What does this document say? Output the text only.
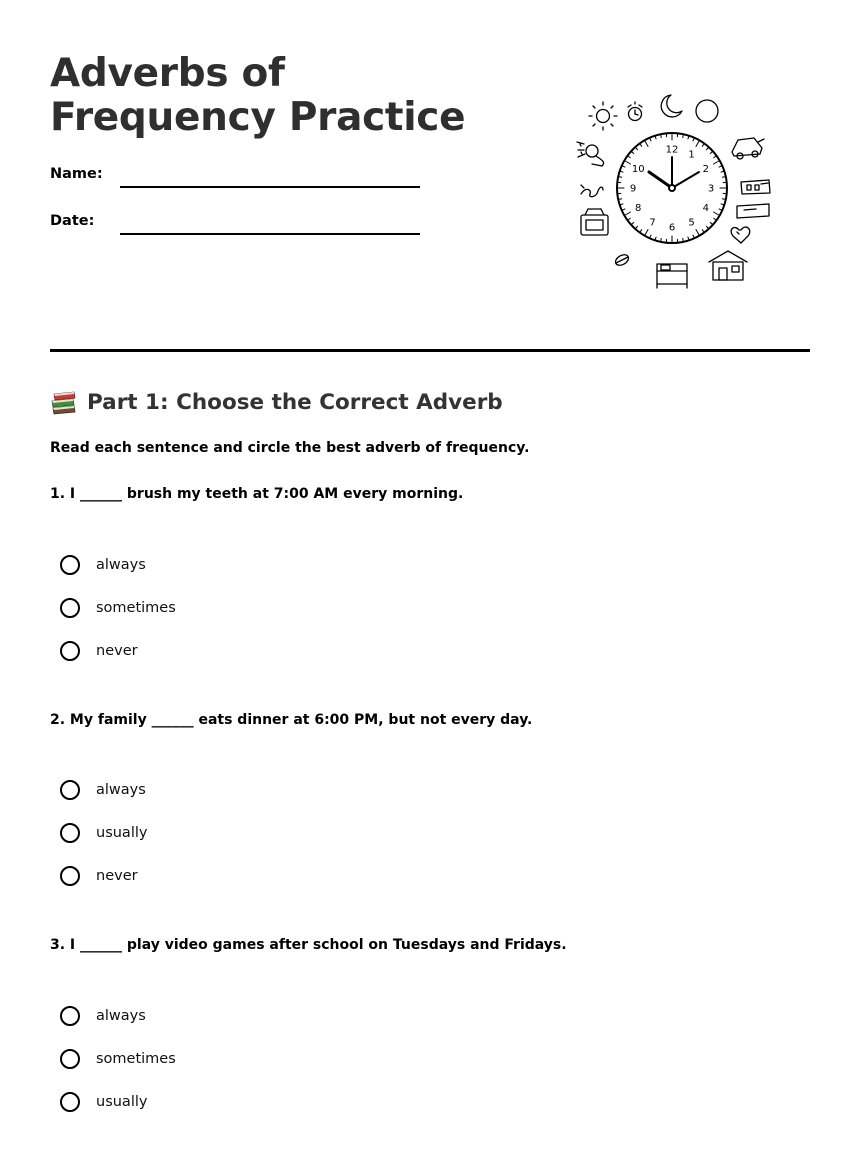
Adverbs of Frequency Practice
Name:
Date:
12 1
2
3
4
5
6
7
8
9
10
Part 1: Choose the Correct Adverb

Read each sentence and circle the best adverb of frequency.

1. I ______ brush my teeth at 7:00 AM every morning.

always
sometimes
never

2. My family ______ eats dinner at 6:00 PM, but not every day.

always
usually
never

3. I ______ play video games after school on Tuesdays and Fridays.

always
sometimes
usually
